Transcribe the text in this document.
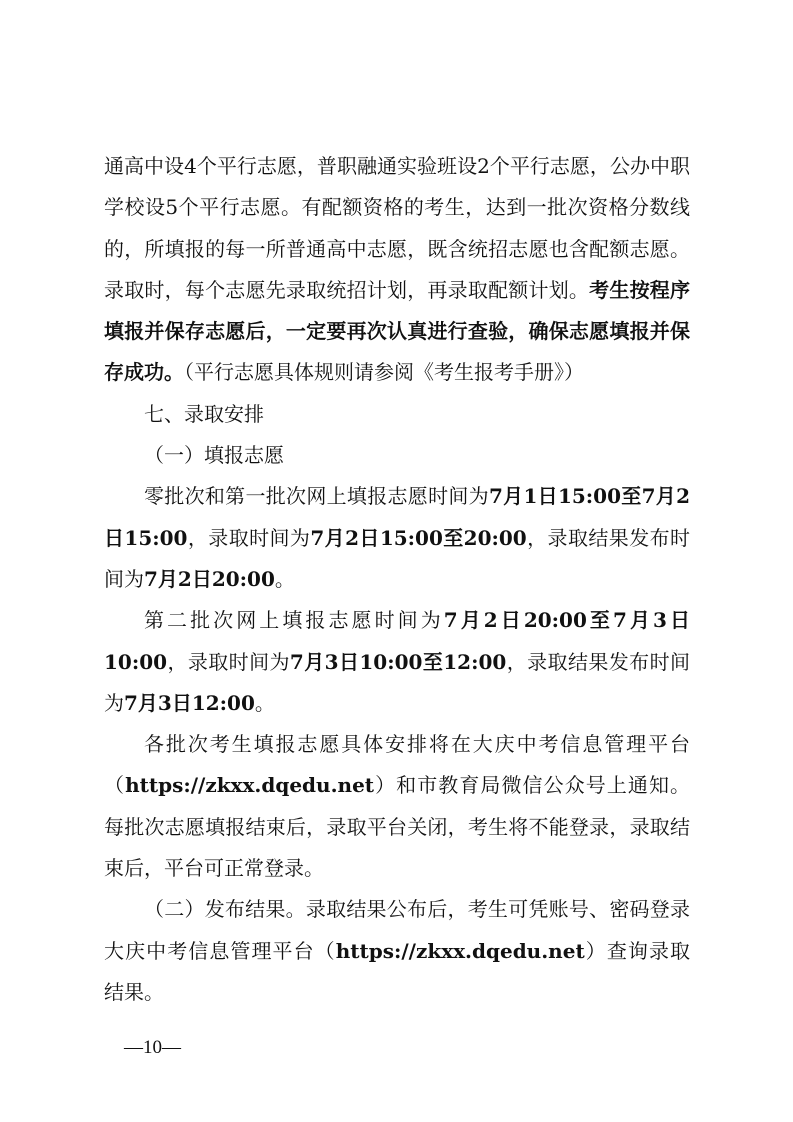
通高中设4个平行志愿，普职融通实验班设2个平行志愿，公办中职学校设5个平行志愿。有配额资格的考生，达到一批次资格分数线的，所填报的每一所普通高中志愿，既含统招志愿也含配额志愿。录取时，每个志愿先录取统招计划，再录取配额计划。考生按程序填报并保存志愿后，一定要再次认真进行查验，确保志愿填报并保存成功。（平行志愿具体规则请参阅《考生报考手册》）

七、录取安排

（一）填报志愿

零批次和第一批次网上填报志愿时间为7月1日15:00至7月2日15:00，录取时间为7月2日15:00至20:00，录取结果发布时间为7月2日20:00。

第二批次网上填报志愿时间为7月2日20:00至7月3日10:00，录取时间为7月3日10:00至12:00，录取结果发布时间为7月3日12:00。

各批次考生填报志愿具体安排将在大庆中考信息管理平台（https://zkxx.dqedu.net）和市教育局微信公众号上通知。每批次志愿填报结束后，录取平台关闭，考生将不能登录，录取结束后，平台可正常登录。

（二）发布结果。录取结果公布后，考生可凭账号、密码登录大庆中考信息管理平台（https://zkxx.dqedu.net）查询录取结果。

—10—
